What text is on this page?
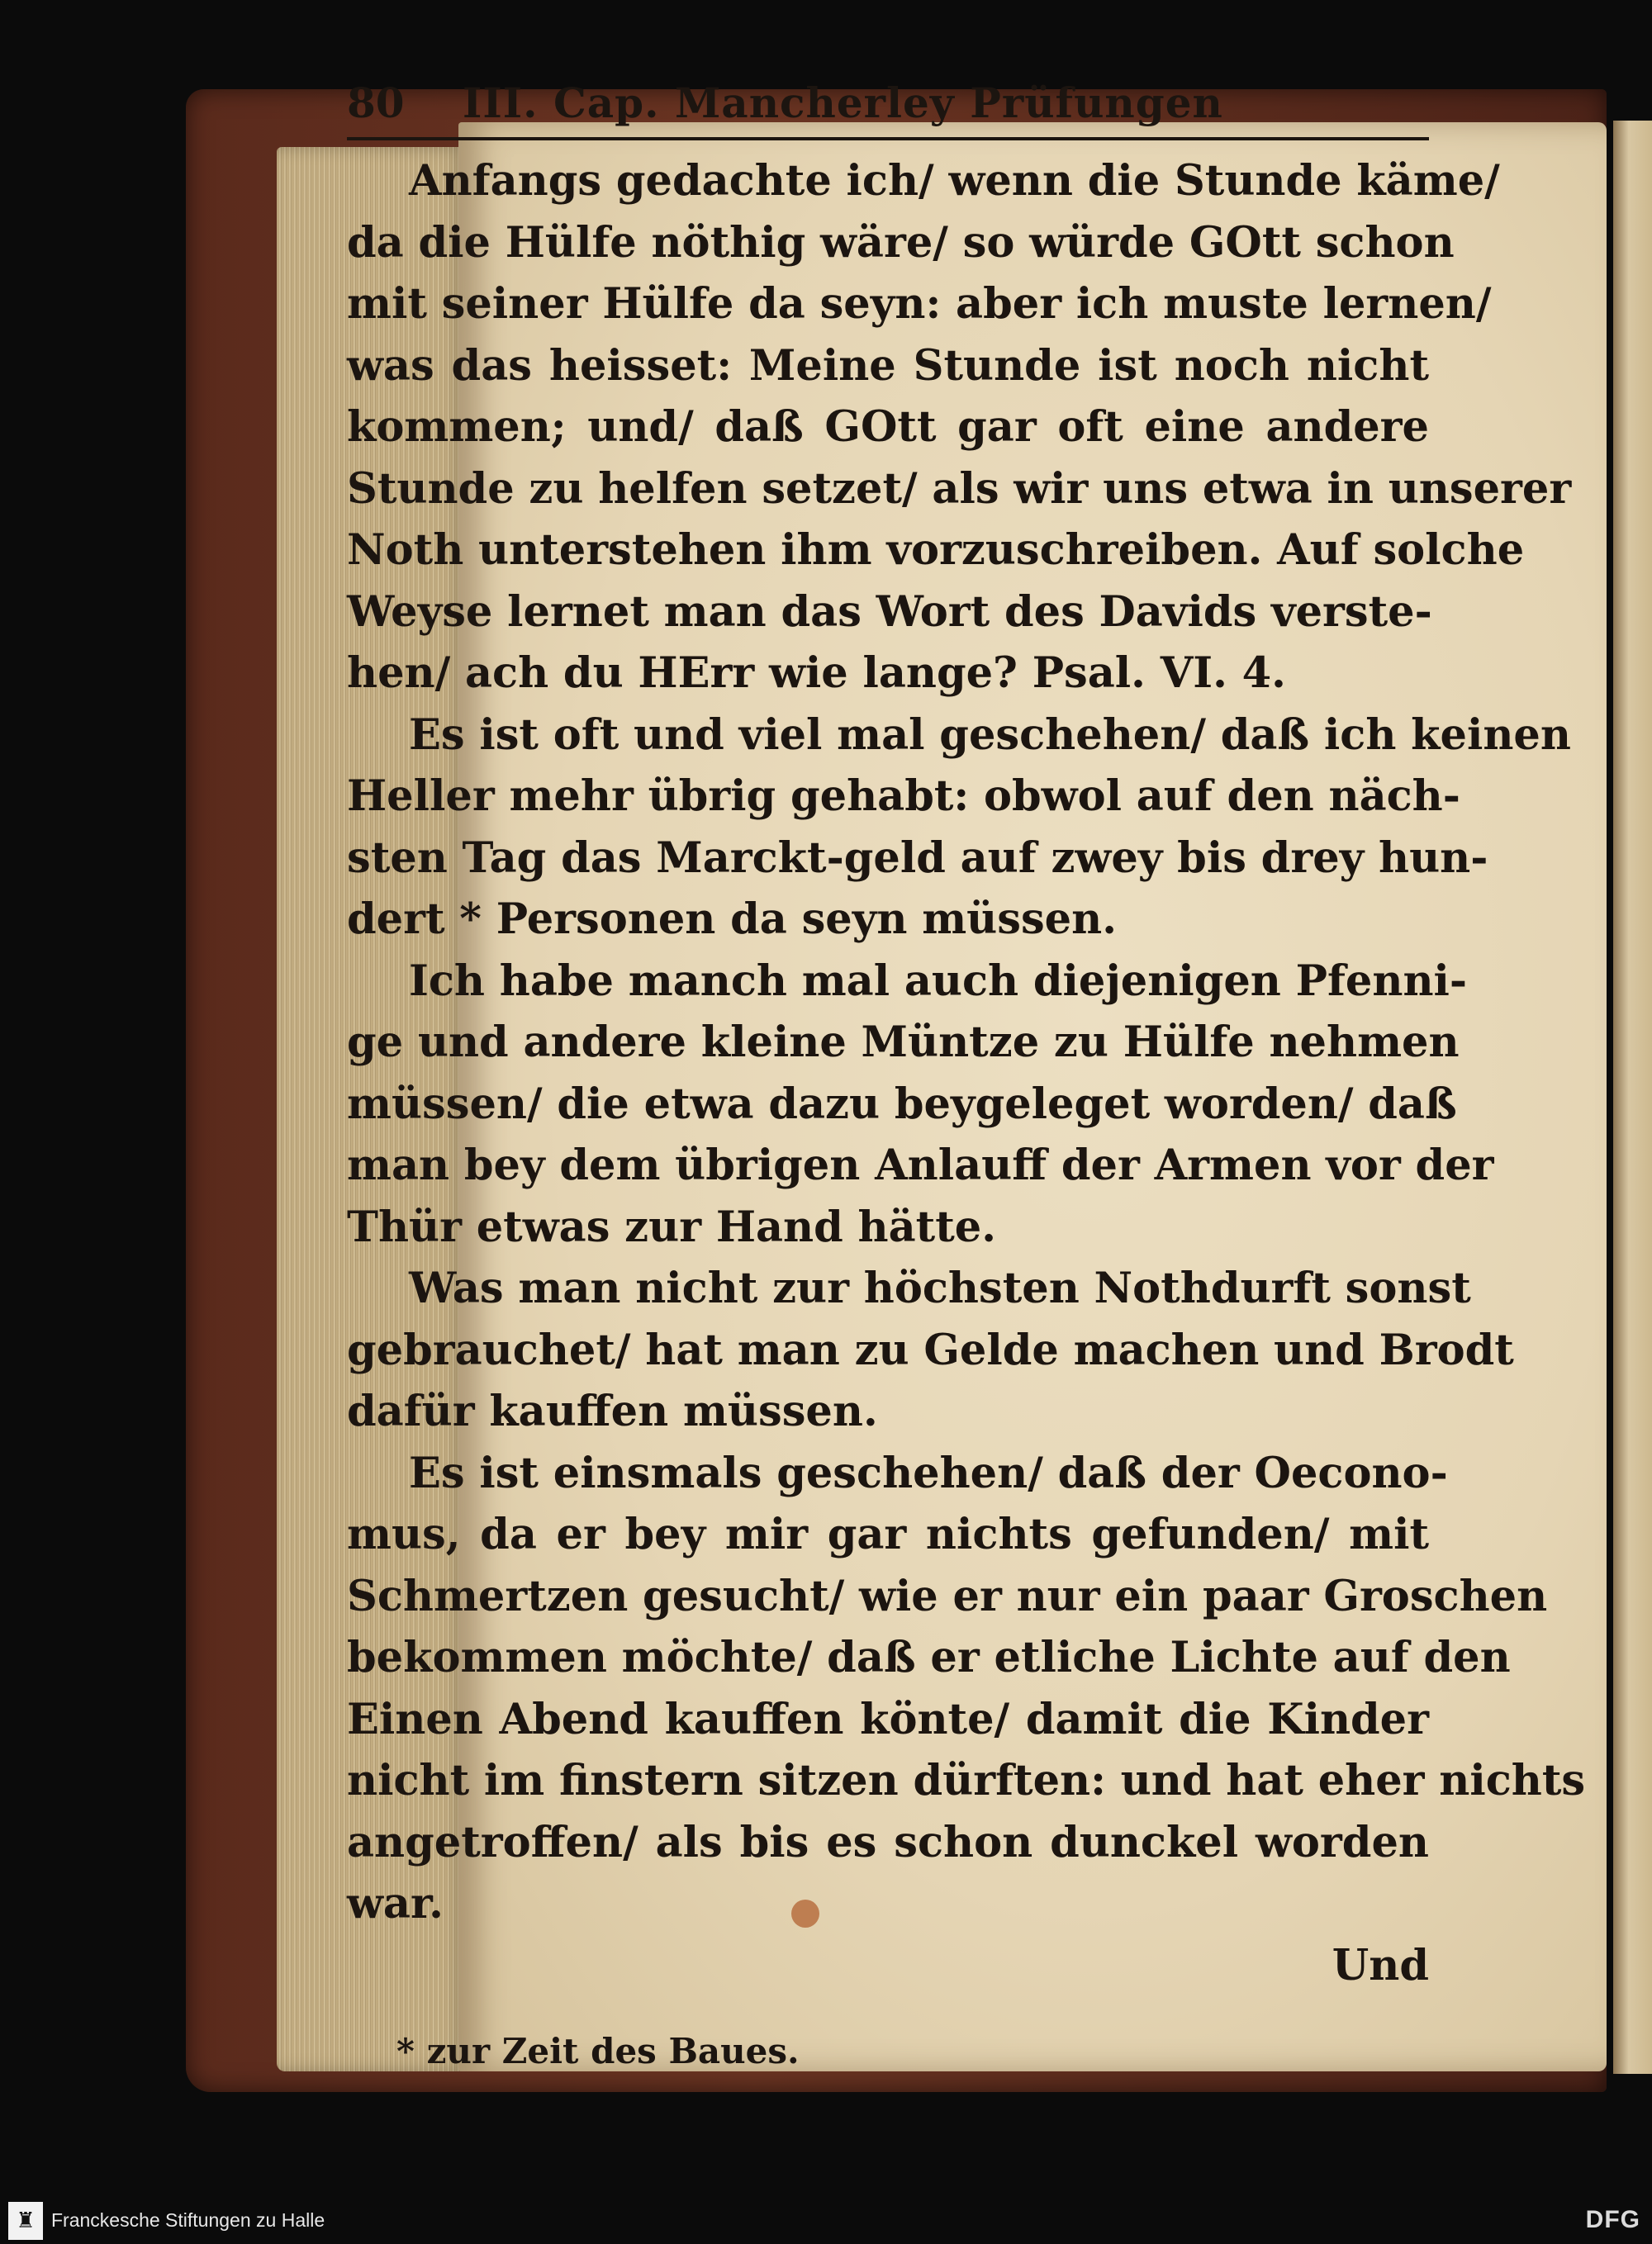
80	III. Cap. Mancherley Prüfungen
Anfangs gedachte ich/ wenn die Stunde käme/
da die Hülfe nöthig wäre/ so würde GOtt schon
mit seiner Hülfe da seyn: aber ich muste lernen/
was das heisset: Meine Stunde ist noch nicht
kommen; und/ daß GOtt gar oft eine andere
Stunde zu helfen setzet/ als wir uns etwa in unserer
Noth unterstehen ihm vorzuschreiben. Auf solche
Weyse lernet man das Wort des Davids verste-
hen/ ach du HErr wie lange? Psal. VI. 4.
Es ist oft und viel mal geschehen/ daß ich keinen
Heller mehr übrig gehabt: obwol auf den näch-
sten Tag das Marckt-geld auf zwey bis drey hun-
dert * Personen da seyn müssen.
Ich habe manch mal auch diejenigen Pfenni-
ge und andere kleine Müntze zu Hülfe nehmen
müssen/ die etwa dazu beygeleget worden/ daß
man bey dem übrigen Anlauff der Armen vor der
Thür etwas zur Hand hätte.
Was man nicht zur höchsten Nothdurft sonst
gebrauchet/ hat man zu Gelde machen und Brodt
dafür kauffen müssen.
Es ist einsmals geschehen/ daß der Oecono-
mus, da er bey mir gar nichts gefunden/ mit
Schmertzen gesucht/ wie er nur ein paar Groschen
bekommen möchte/ daß er etliche Lichte auf den
Einen Abend kauffen könte/ damit die Kinder
nicht im finstern sitzen dürften: und hat eher nichts
angetroffen/ als bis es schon dunckel worden
war.
Und
* zur Zeit des Baues.
♜ Franckesche Stiftungen zu Halle	DFG
